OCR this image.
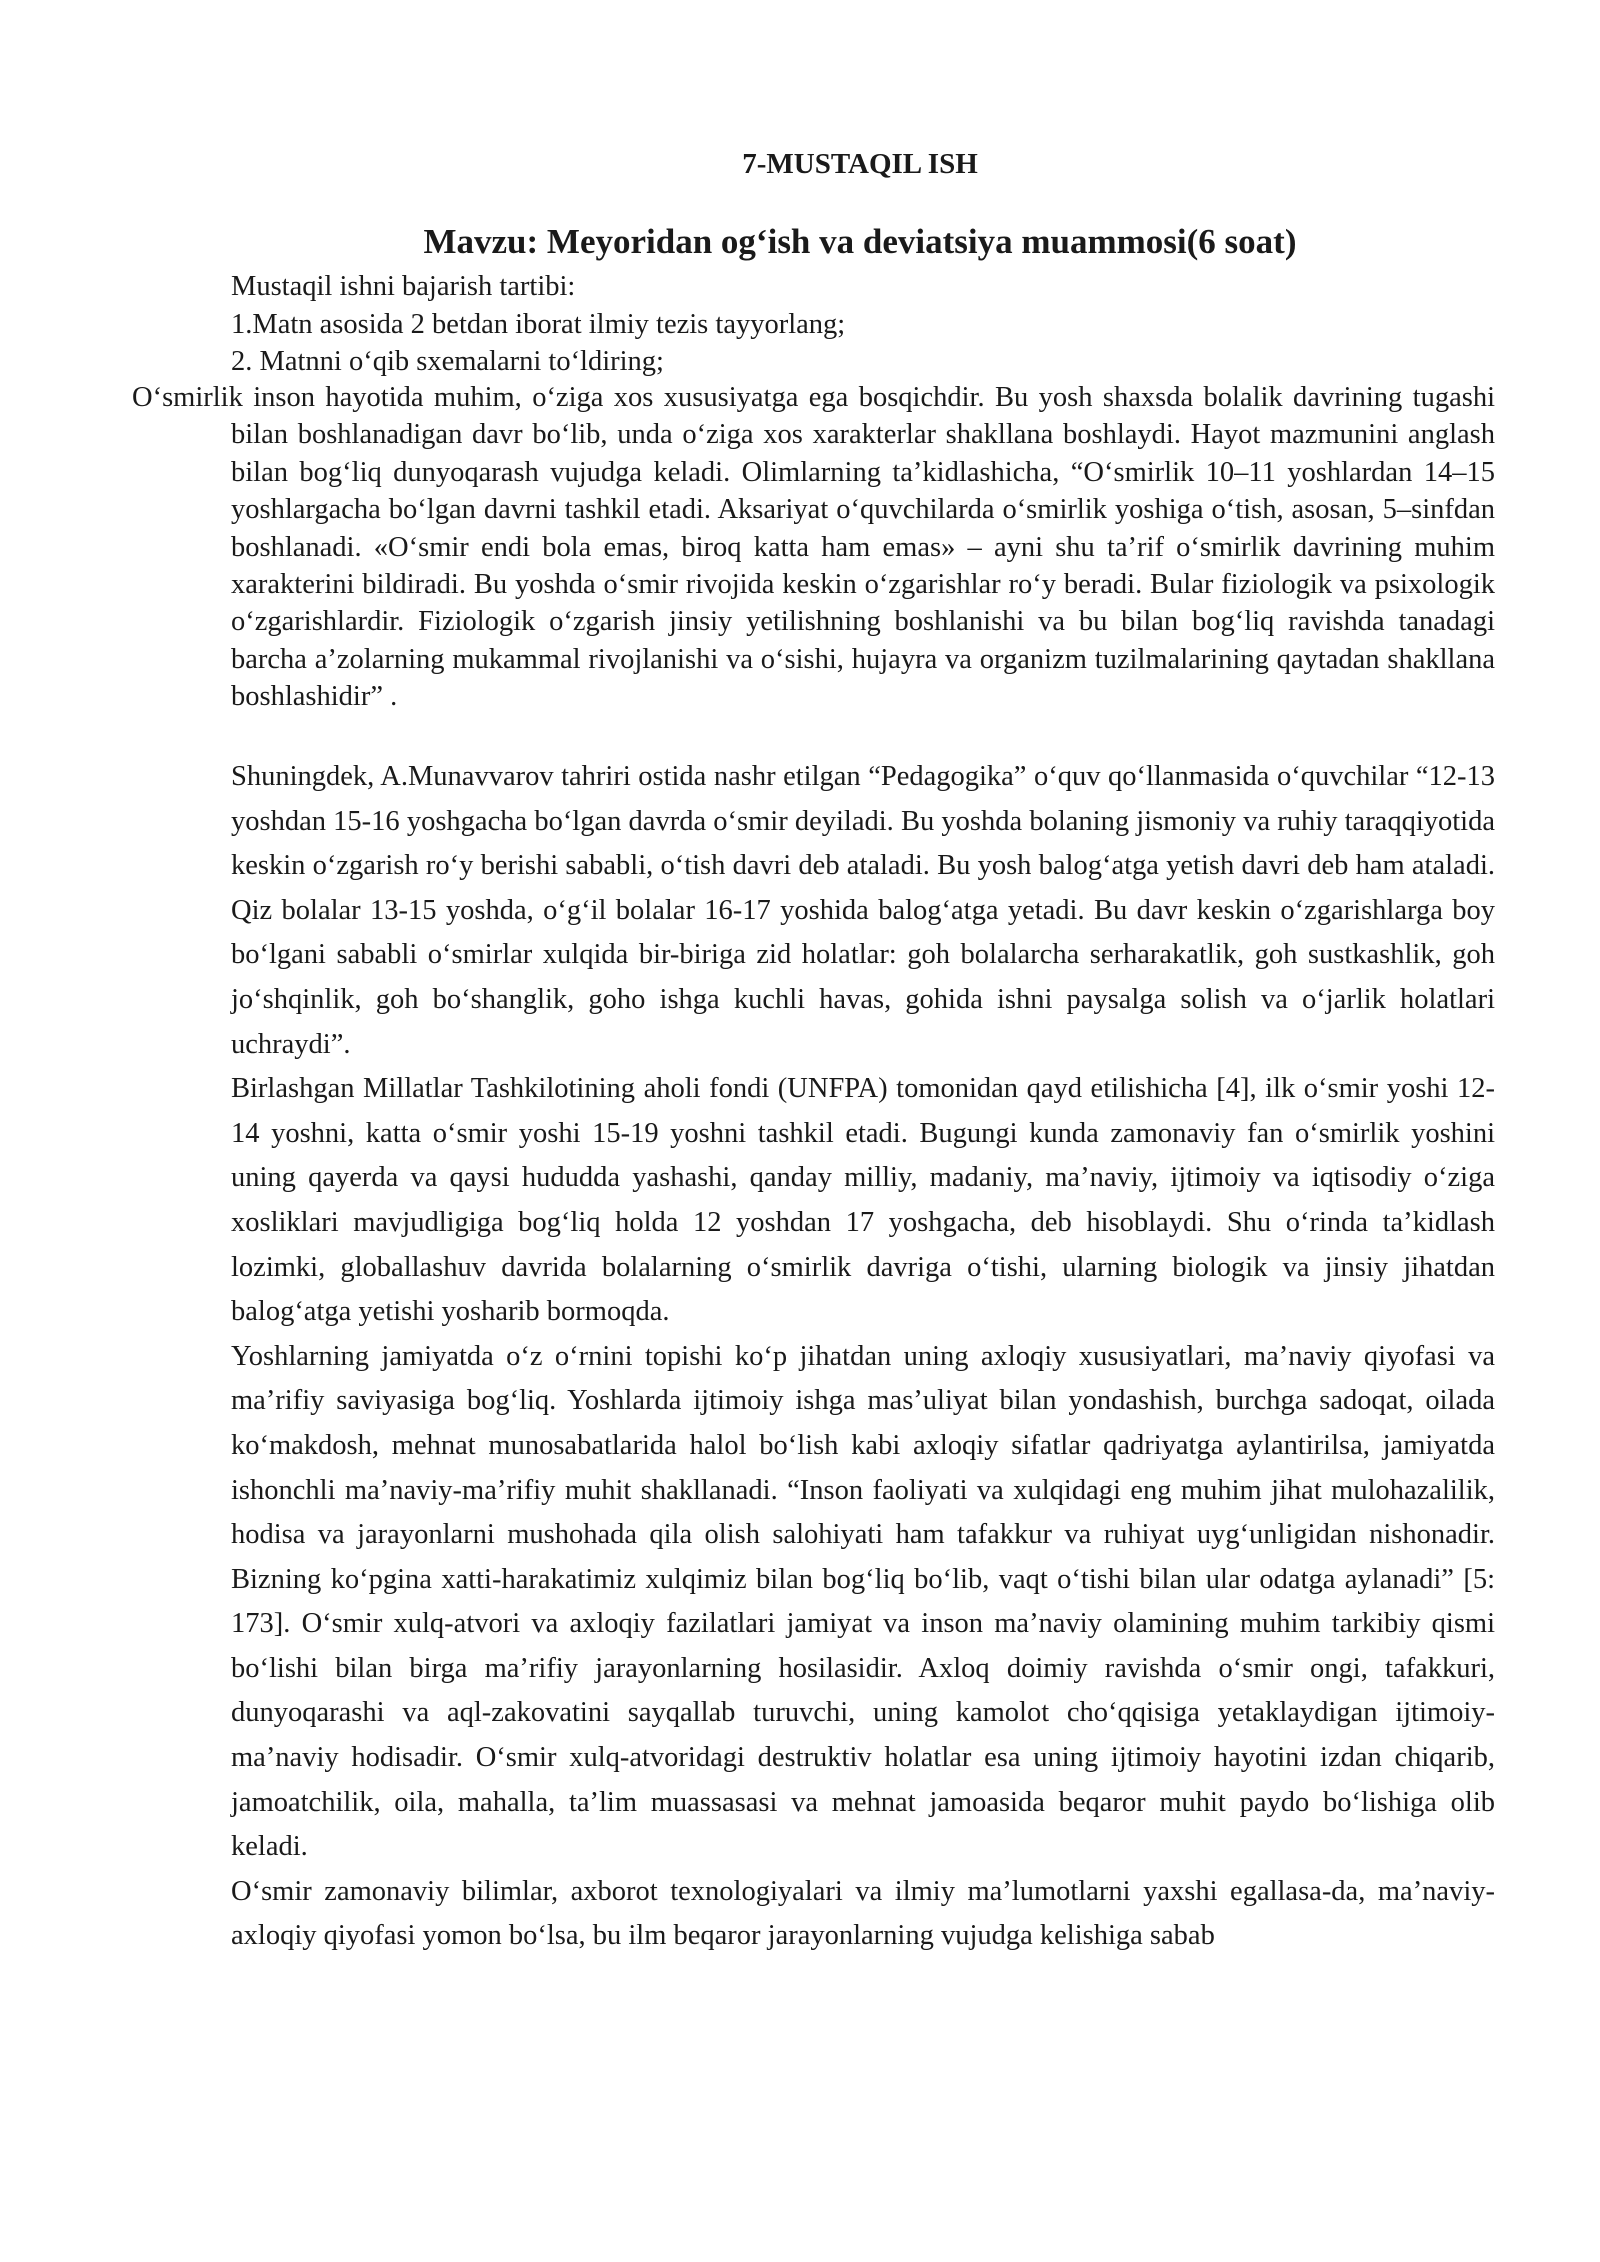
7-MUSTAQIL ISH
Mavzu: Meyoridan og‘ish va deviatsiya muammosi(6 soat)
Mustaqil ishni bajarish tartibi:
1.Matn asosida 2 betdan iborat ilmiy tezis tayyorlang;
2. Matnni o‘qib sxemalarni to‘ldiring;

O‘smirlik inson hayotida muhim, o‘ziga xos xususiyatga ega bosqichdir. Bu yosh shaxsda bolalik davrining tugashi bilan boshlanadigan davr bo‘lib, unda o‘ziga xos xarakterlar shakllana boshlaydi. Hayot mazmunini anglash bilan bog‘liq dunyoqarash vujudga keladi. Olimlarning ta’kidlashicha, “O‘smirlik 10–11 yoshlardan 14–15 yoshlargacha bo‘lgan davrni tashkil etadi. Aksariyat o‘quvchilarda o‘smirlik yoshiga o‘tish, asosan, 5–sinfdan boshlanadi. «O‘smir endi bola emas, biroq katta ham emas» – ayni shu ta’rif o‘smirlik davrining muhim xarakterini bildiradi. Bu yoshda o‘smir rivojida keskin o‘zgarishlar ro‘y beradi. Bular fiziologik va psixologik o‘zgarishlardir. Fiziologik o‘zgarish jinsiy yetilishning boshlanishi va bu bilan bog‘liq ravishda tanadagi barcha a’zolarning mukammal rivojlanishi va o‘sishi, hujayra va organizm tuzilmalarining qaytadan shakllana boshlashidir” .

Shuningdek, A.Munavvarov tahriri ostida nashr etilgan “Pedagogika” o‘quv qo‘llanmasida o‘quvchilar “12-13 yoshdan 15-16 yoshgacha bo‘lgan davrda o‘smir deyiladi. Bu yoshda bolaning jismoniy va ruhiy taraqqiyotida keskin o‘zgarish ro‘y berishi sababli, o‘tish davri deb ataladi. Bu yosh balog‘atga yetish davri deb ham ataladi. Qiz bolalar 13-15 yoshda, o‘g‘il bolalar 16-17 yoshida balog‘atga yetadi. Bu davr keskin o‘zgarishlarga boy bo‘lgani sababli o‘smirlar xulqida bir-biriga zid holatlar: goh bolalarcha serharakatlik, goh sustkashlik, goh jo‘shqinlik, goh bo‘shanglik, goho ishga kuchli havas, gohida ishni paysalga solish va o‘jarlik holatlari uchraydi”.

Birlashgan Millatlar Tashkilotining aholi fondi (UNFPA) tomonidan qayd etilishicha [4], ilk o‘smir yoshi 12-14 yoshni, katta o‘smir yoshi 15-19 yoshni tashkil etadi. Bugungi kunda zamonaviy fan o‘smirlik yoshini uning qayerda va qaysi hududda yashashi, qanday milliy, madaniy, ma’naviy, ijtimoiy va iqtisodiy o‘ziga xosliklari mavjudligiga bog‘liq holda 12 yoshdan 17 yoshgacha, deb hisoblaydi. Shu o‘rinda ta’kidlash lozimki, globallashuv davrida bolalarning o‘smirlik davriga o‘tishi, ularning biologik va jinsiy jihatdan balog‘atga yetishi yosharib bormoqda.

Yoshlarning jamiyatda o‘z o‘rnini topishi ko‘p jihatdan uning axloqiy xususiyatlari, ma’naviy qiyofasi va ma’rifiy saviyasiga bog‘liq. Yoshlarda ijtimoiy ishga mas’uliyat bilan yondashish, burchga sadoqat, oilada ko‘makdosh, mehnat munosabatlarida halol bo‘lish kabi axloqiy sifatlar qadriyatga aylantirilsa, jamiyatda ishonchli ma’naviy-ma’rifiy muhit shakllanadi. “Inson faoliyati va xulqidagi eng muhim jihat mulohazalilik, hodisa va jarayonlarni mushohada qila olish salohiyati ham tafakkur va ruhiyat uyg‘unligidan nishonadir. Bizning ko‘pgina xatti-harakatimiz xulqimiz bilan bog‘liq bo‘lib, vaqt o‘tishi bilan ular odatga aylanadi” [5: 173]. O‘smir xulq-atvori va axloqiy fazilatlari jamiyat va inson ma’naviy olamining muhim tarkibiy qismi bo‘lishi bilan birga ma’rifiy jarayonlarning hosilasidir. Axloq doimiy ravishda o‘smir ongi, tafakkuri, dunyoqarashi va aql-zakovatini sayqallab turuvchi, uning kamolot cho‘qqisiga yetaklaydigan ijtimoiy-ma’naviy hodisadir. O‘smir xulq-atvoridagi destruktiv holatlar esa uning ijtimoiy hayotini izdan chiqarib, jamoatchilik, oila, mahalla, ta’lim muassasasi va mehnat jamoasida beqaror muhit paydo bo‘lishiga olib keladi.

O‘smir zamonaviy bilimlar, axborot texnologiyalari va ilmiy ma’lumotlarni yaxshi egallasa-da, ma’naviy-axloqiy qiyofasi yomon bo‘lsa, bu ilm beqaror jarayonlarning vujudga kelishiga sabab
